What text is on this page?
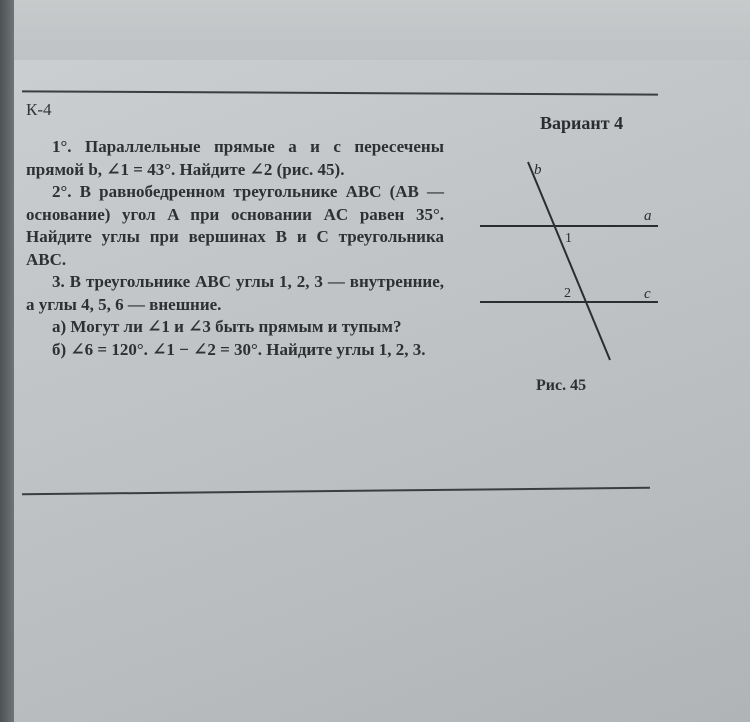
К-4
Вариант 4

1°. Параллельные прямые a и c пересечены прямой b, ∠1 = 43°. Найдите ∠2 (рис. 45).

2°. В равнобедренном треугольнике ABC (AB — основание) угол A при основании AC равен 35°. Найдите углы при вершинах B и C треугольника ABC.

3. В треугольнике ABC углы 1, 2, 3 — внутренние, а углы 4, 5, 6 — внешние.

а) Могут ли ∠1 и ∠3 быть прямым и тупым?

б) ∠6 = 120°. ∠1 − ∠2 = 30°. Найдите углы 1, 2, 3.

b
a
c
1
2
Рис. 45
